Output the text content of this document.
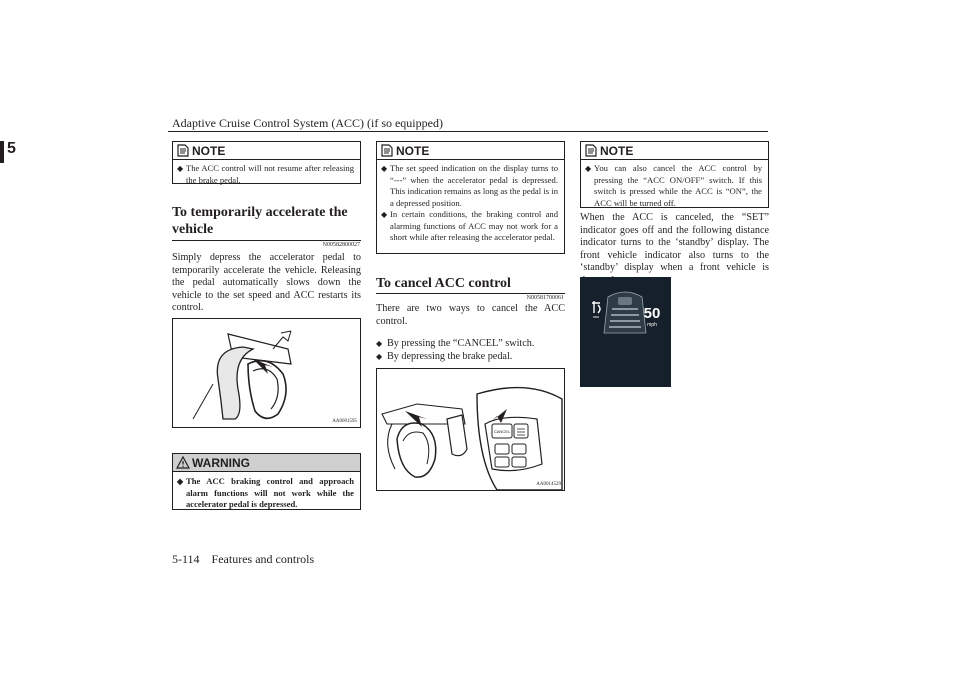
Adaptive Cruise Control System (ACC) (if so equipped)
5	NOTE
◆ The ACC control will not resume after releasing the brake pedal.
To temporarily accelerate the vehicle
N00582800027
Simply depress the accelerator pedal to temporarily accelerate the vehicle. Releasing the pedal automatically slows down the vehicle to the set speed and ACC restarts its control.
AA0001595
WARNING
◆ The ACC braking control and approach alarm functions will not work while the accelerator pedal is depressed.
NOTE
◆ The set speed indication on the display turns to “---” when the accelerator pedal is depressed. This indication remains as long as the pedal is in a depressed position.
◆ In certain conditions, the braking control and alarming functions of ACC may not work for a short while after releasing the accelerator pedal.
To cancel ACC control
N00581700061
There are two ways to cancel the ACC control.
◆ By pressing the “CANCEL” switch.
◆ By depressing the brake pedal.
CANCEL
AA0014529
NOTE
◆ You can also cancel the ACC control by pressing the “ACC ON/OFF” switch. If this switch is pressed while the ACC is “ON”, the ACC will be turned off.
When the ACC is canceled, the “SET” indicator goes off and the following distance indicator turns to the ‘standby’ display. The front vehicle indicator also turns to the ‘standby’ display when a front vehicle is
50
mph
5-114    Features and controls
